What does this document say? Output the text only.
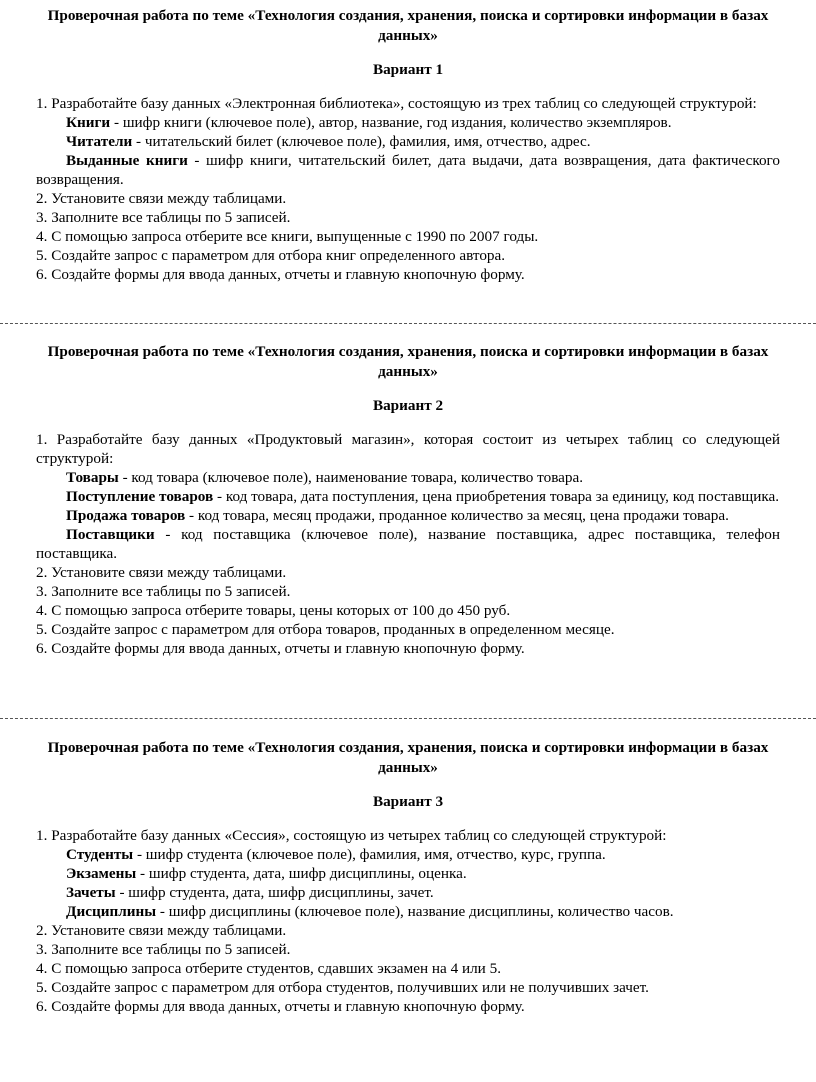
Проверочная работа по теме «Технология создания, хранения, поиска и сортировки информации в базах данных»
Вариант 1

1. Разработайте базу данных «Электронная библиотека», состоящую из трех таблиц со следующей структурой:

Книги - шифр книги (ключевое поле), автор, название, год издания, количество экземпляров.

Читатели - читательский билет (ключевое поле), фамилия, имя, отчество, адрес.

Выданные книги - шифр книги, читательский билет, дата выдачи, дата возвращения, дата фактического возвращения.

2. Установите связи между таблицами.

3. Заполните все таблицы по 5 записей.

4. С помощью запроса отберите все книги, выпущенные с 1990 по 2007 годы.

5. Создайте запрос с параметром для отбора книг определенного автора.

6. Создайте формы для ввода данных, отчеты и главную кнопочную форму.

Проверочная работа по теме «Технология создания, хранения, поиска и сортировки информации в базах данных»
Вариант 2

1. Разработайте базу данных «Продуктовый магазин», которая состоит из четырех таблиц со следующей структурой:

Товары - код товара (ключевое поле), наименование товара, количество товара.

Поступление товаров - код товара, дата поступления, цена приобретения товара за единицу, код поставщика.

Продажа товаров - код товара, месяц продажи, проданное количество за месяц, цена продажи товара.

Поставщики - код поставщика (ключевое поле), название поставщика, адрес поставщика, телефон поставщика.

2. Установите связи между таблицами.

3. Заполните все таблицы по 5 записей.

4. С помощью запроса отберите товары, цены которых от 100 до 450 руб.

5. Создайте запрос с параметром для отбора товаров, проданных в определенном месяце.

6. Создайте формы для ввода данных, отчеты и главную кнопочную форму.

Проверочная работа по теме «Технология создания, хранения, поиска и сортировки информации в базах данных»
Вариант 3

1. Разработайте базу данных «Сессия», состоящую из четырех таблиц со следующей структурой:

Студенты - шифр студента (ключевое поле), фамилия, имя, отчество, курс, группа.

Экзамены - шифр студента, дата, шифр дисциплины, оценка.

Зачеты - шифр студента, дата, шифр дисциплины, зачет.

Дисциплины - шифр дисциплины (ключевое поле), название дисциплины, количество часов.

2. Установите связи между таблицами.

3. Заполните все таблицы по 5 записей.

4. С помощью запроса отберите студентов, сдавших экзамен на 4 или 5.

5. Создайте запрос с параметром для отбора студентов, получивших или не получивших зачет.

6. Создайте формы для ввода данных, отчеты и главную кнопочную форму.
